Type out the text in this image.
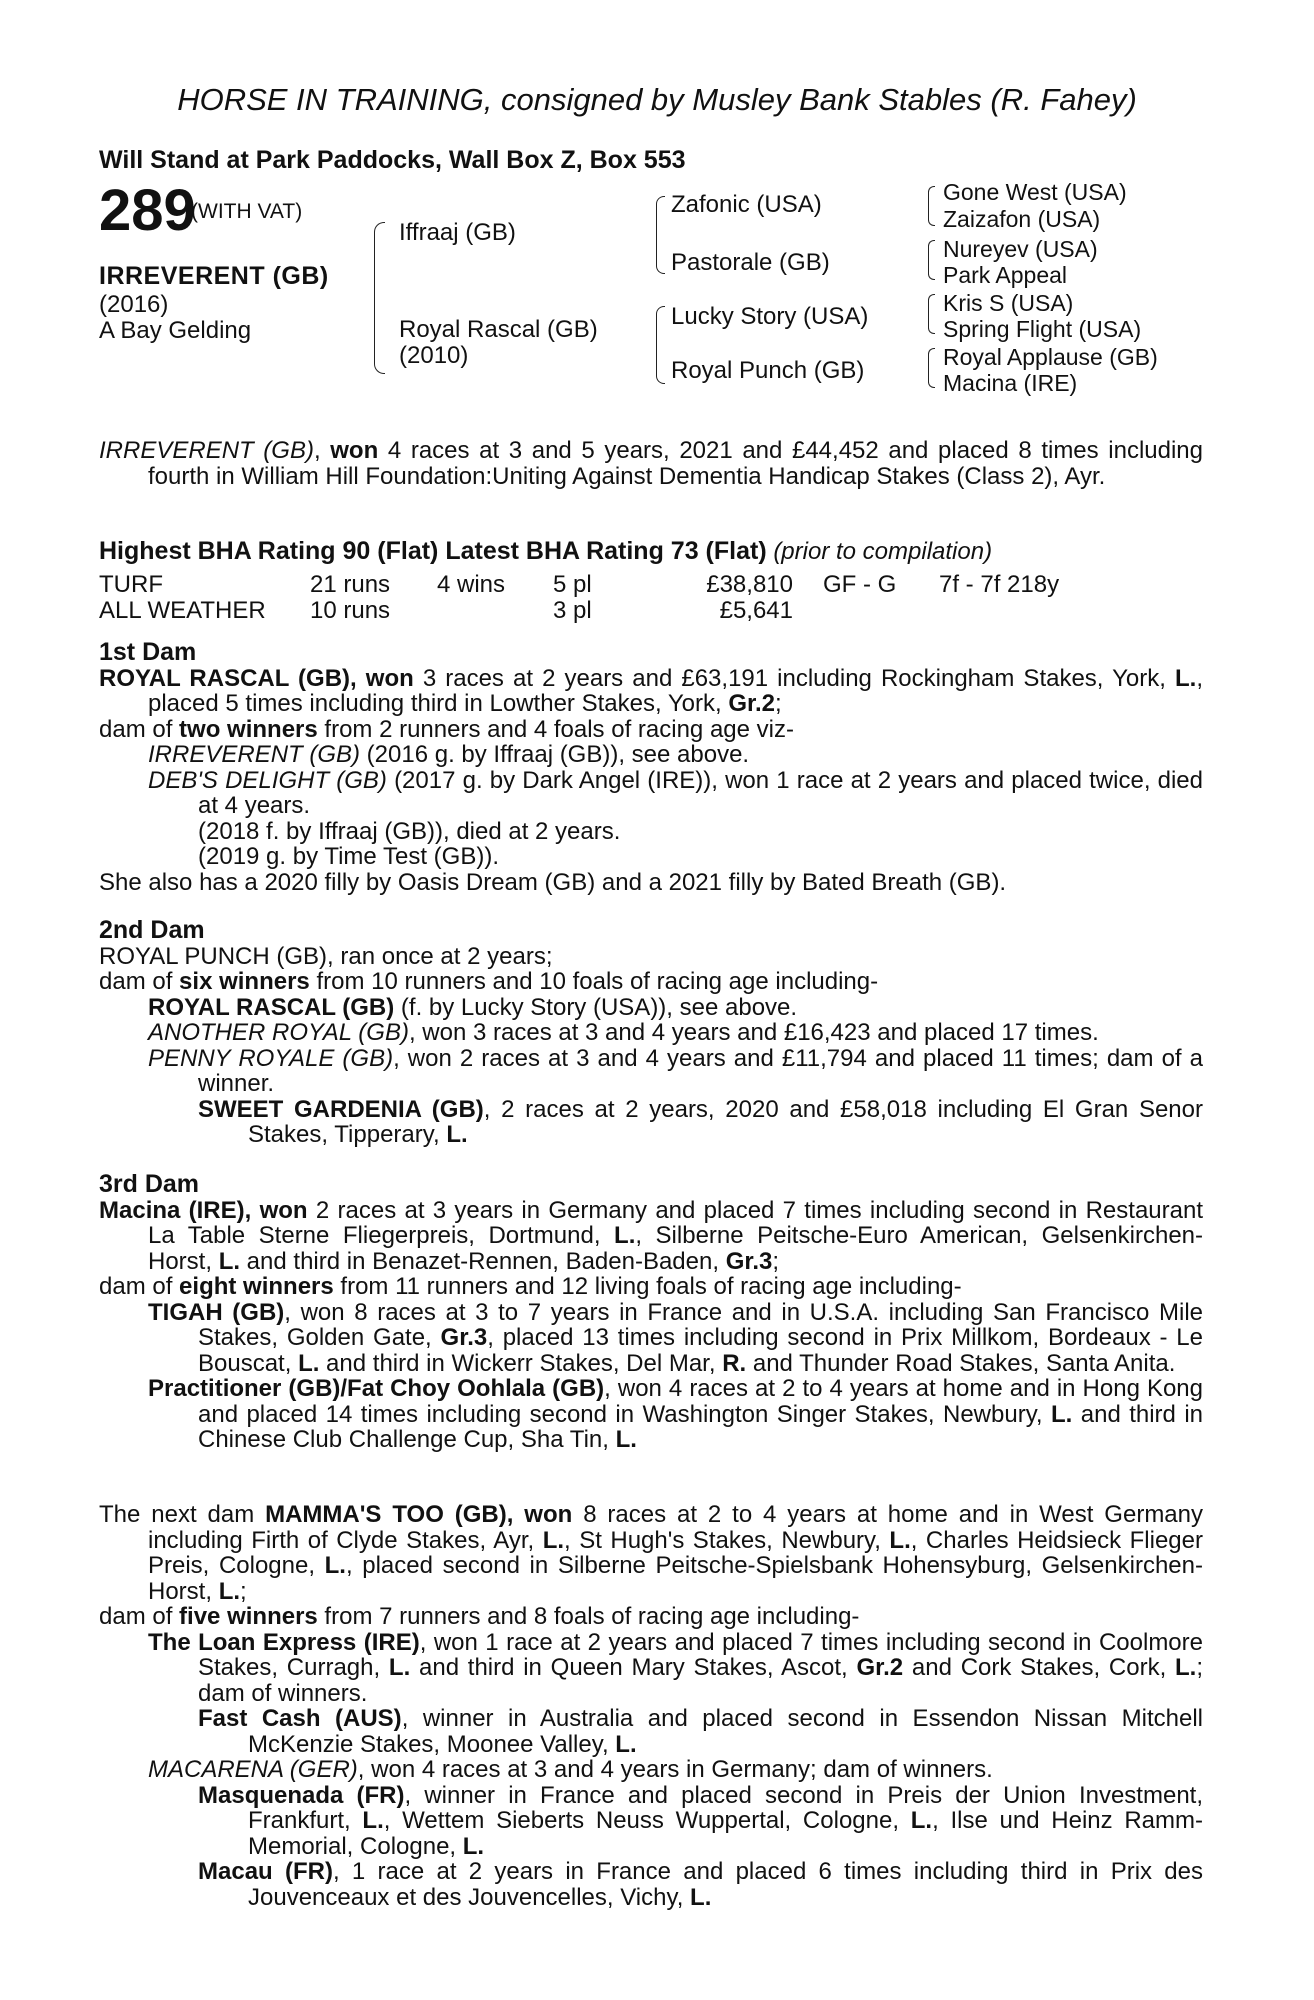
HORSE IN TRAINING, consigned by Musley Bank Stables (R. Fahey)
Will Stand at Park Paddocks, Wall Box Z, Box 553
289
(WITH VAT)
IRREVERENT (GB)
(2016)
A Bay Gelding
Iffraaj (GB)
Royal Rascal (GB)
(2010)
Zafonic (USA)
Pastorale (GB)
Lucky Story (USA)
Royal Punch (GB)
Gone West (USA)
Zaizafon (USA)
Nureyev (USA)
Park Appeal
Kris S (USA)
Spring Flight (USA)
Royal Applause (GB)
Macina (IRE)

IRREVERENT (GB), won 4 races at 3 and 5 years, 2021 and £44,452 and placed 8 times including fourth in William Hill Foundation:Uniting Against Dementia Handicap Stakes (Class 2), Ayr.

Highest BHA Rating 90 (Flat) Latest BHA Rating 73 (Flat) (prior to compilation)
TURF	21 runs	4 wins	5 pl	£38,810	GF - G	7f - 7f 218y
ALL WEATHER	10 runs		3 pl	£5,641		

1st Dam

ROYAL RASCAL (GB), won 3 races at 2 years and £63,191 including Rockingham Stakes, York, L., placed 5 times including third in Lowther Stakes, York, Gr.2;

dam of two winners from 2 runners and 4 foals of racing age viz-

IRREVERENT (GB) (2016 g. by Iffraaj (GB)), see above.

DEB'S DELIGHT (GB) (2017 g. by Dark Angel (IRE)), won 1 race at 2 years and placed twice, died at 4 years.

(2018 f. by Iffraaj (GB)), died at 2 years.

(2019 g. by Time Test (GB)).

She also has a 2020 filly by Oasis Dream (GB) and a 2021 filly by Bated Breath (GB).

2nd Dam

ROYAL PUNCH (GB), ran once at 2 years;

dam of six winners from 10 runners and 10 foals of racing age including-

ROYAL RASCAL (GB) (f. by Lucky Story (USA)), see above.

ANOTHER ROYAL (GB), won 3 races at 3 and 4 years and £16,423 and placed 17 times.

PENNY ROYALE (GB), won 2 races at 3 and 4 years and £11,794 and placed 11 times; dam of a winner.

SWEET GARDENIA (GB), 2 races at 2 years, 2020 and £58,018 including El Gran Senor Stakes, Tipperary, L.

3rd Dam

Macina (IRE), won 2 races at 3 years in Germany and placed 7 times including second in Restaurant La Table Sterne Fliegerpreis, Dortmund, L., Silberne Peitsche-Euro American, Gelsenkirchen-Horst, L. and third in Benazet-Rennen, Baden-Baden, Gr.3;

dam of eight winners from 11 runners and 12 living foals of racing age including-

TIGAH (GB), won 8 races at 3 to 7 years in France and in U.S.A. including San Francisco Mile Stakes, Golden Gate, Gr.3, placed 13 times including second in Prix Millkom, Bordeaux - Le Bouscat, L. and third in Wickerr Stakes, Del Mar, R. and Thunder Road Stakes, Santa Anita.

Practitioner (GB)/Fat Choy Oohlala (GB), won 4 races at 2 to 4 years at home and in Hong Kong and placed 14 times including second in Washington Singer Stakes, Newbury, L. and third in Chinese Club Challenge Cup, Sha Tin, L.

The next dam MAMMA'S TOO (GB), won 8 races at 2 to 4 years at home and in West Germany including Firth of Clyde Stakes, Ayr, L., St Hugh's Stakes, Newbury, L., Charles Heidsieck Flieger Preis, Cologne, L., placed second in Silberne Peitsche-Spielsbank Hohensyburg, Gelsenkirchen-Horst, L.;

dam of five winners from 7 runners and 8 foals of racing age including-

The Loan Express (IRE), won 1 race at 2 years and placed 7 times including second in Coolmore Stakes, Curragh, L. and third in Queen Mary Stakes, Ascot, Gr.2 and Cork Stakes, Cork, L.; dam of winners.

Fast Cash (AUS), winner in Australia and placed second in Essendon Nissan Mitchell McKenzie Stakes, Moonee Valley, L.

MACARENA (GER), won 4 races at 3 and 4 years in Germany; dam of winners.

Masquenada (FR), winner in France and placed second in Preis der Union Investment, Frankfurt, L., Wettem Sieberts Neuss Wuppertal, Cologne, L., Ilse und Heinz Ramm-Memorial, Cologne, L.

Macau (FR), 1 race at 2 years in France and placed 6 times including third in Prix des Jouvenceaux et des Jouvencelles, Vichy, L.
